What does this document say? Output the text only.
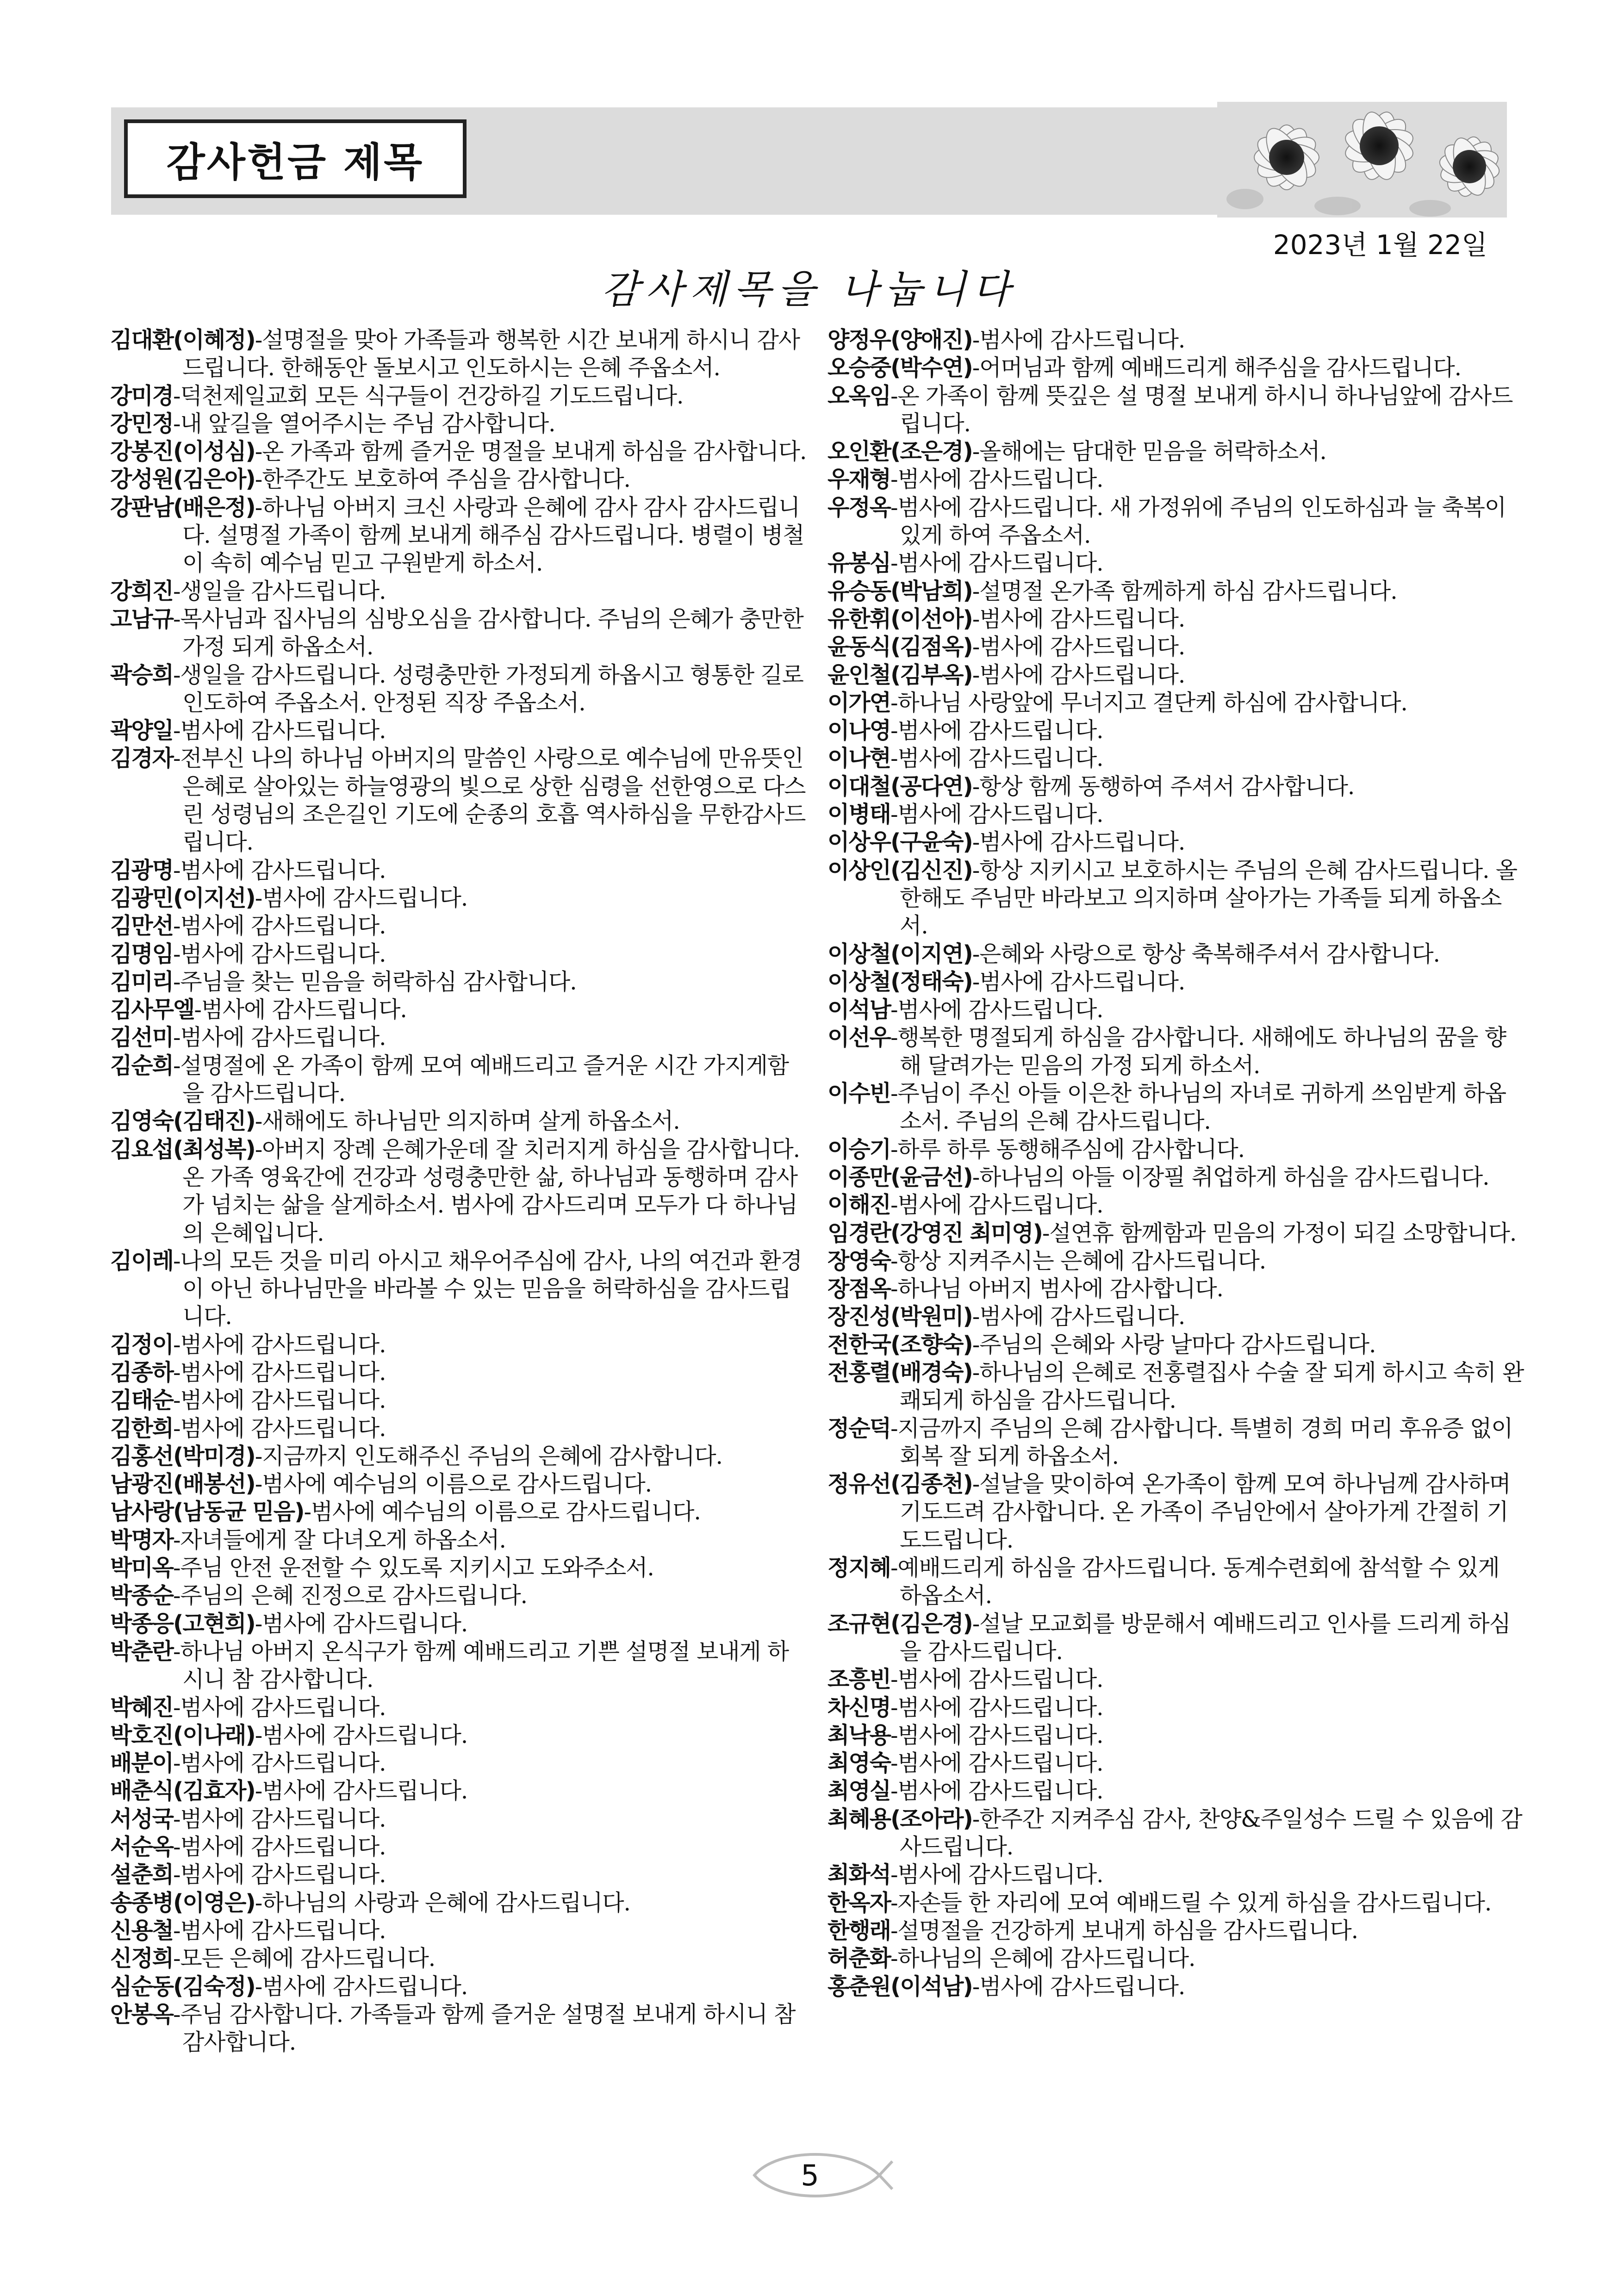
감사헌금 제목
2023년 1월 22일
감사제목을 나눕니다
김대환(이혜정)-설명절을 맞아 가족들과 행복한 시간 보내게 하시니 감사드립니다. 한해동안 돌보시고 인도하시는 은혜 주옵소서.
강미경-덕천제일교회 모든 식구들이 건강하길 기도드립니다.
강민정-내 앞길을 열어주시는 주님 감사합니다.
강봉진(이성심)-온 가족과 함께 즐거운 명절을 보내게 하심을 감사합니다.
강성원(김은아)-한주간도 보호하여 주심을 감사합니다.
강판남(배은정)-하나님 아버지 크신 사랑과 은혜에 감사 감사 감사드립니다. 설명절 가족이 함께 보내게 해주심 감사드립니다. 병렬이 병철이 속히 예수님 믿고 구원받게 하소서.
강희진-생일을 감사드립니다.
고남규-목사님과 집사님의 심방오심을 감사합니다. 주님의 은혜가 충만한 가정 되게 하옵소서.
곽승희-생일을 감사드립니다. 성령충만한 가정되게 하옵시고 형통한 길로 인도하여 주옵소서. 안정된 직장 주옵소서.
곽양일-범사에 감사드립니다.
김경자-전부신 나의 하나님 아버지의 말씀인 사랑으로 예수님에 만유뜻인 은혜로 살아있는 하늘영광의 빛으로 상한 심령을 선한영으로 다스린 성령님의 조은길인 기도에 순종의 호흡 역사하심을 무한감사드립니다.
김광명-범사에 감사드립니다.
김광민(이지선)-범사에 감사드립니다.
김만선-범사에 감사드립니다.
김명임-범사에 감사드립니다.
김미리-주님을 찾는 믿음을 허락하심 감사합니다.
김사무엘-범사에 감사드립니다.
김선미-범사에 감사드립니다.
김순희-설명절에 온 가족이 함께 모여 예배드리고 즐거운 시간 가지게함을 감사드립니다.
김영숙(김태진)-새해에도 하나님만 의지하며 살게 하옵소서.
김요섭(최성복)-아버지 장례 은혜가운데 잘 치러지게 하심을 감사합니다. 온 가족 영육간에 건강과 성령충만한 삶, 하나님과 동행하며 감사가 넘치는 삶을 살게하소서. 범사에 감사드리며 모두가 다 하나님의 은혜입니다.
김이레-나의 모든 것을 미리 아시고 채우어주심에 감사, 나의 여건과 환경이 아닌 하나님만을 바라볼 수 있는 믿음을 허락하심을 감사드립니다.
김정이-범사에 감사드립니다.
김종하-범사에 감사드립니다.
김태순-범사에 감사드립니다.
김한희-범사에 감사드립니다.
김홍선(박미경)-지금까지 인도해주신 주님의 은혜에 감사합니다.
남광진(배봉선)-범사에 예수님의 이름으로 감사드립니다.
남사랑(남동균 믿음)-범사에 예수님의 이름으로 감사드립니다.
박명자-자녀들에게 잘 다녀오게 하옵소서.
박미옥-주님 안전 운전할 수 있도록 지키시고 도와주소서.
박종순-주님의 은혜 진정으로 감사드립니다.
박종응(고현희)-범사에 감사드립니다.
박춘란-하나님 아버지 온식구가 함께 예배드리고 기쁜 설명절 보내게 하시니 참 감사합니다.
박혜진-범사에 감사드립니다.
박호진(이나래)-범사에 감사드립니다.
배분이-범사에 감사드립니다.
배춘식(김효자)-범사에 감사드립니다.
서성국-범사에 감사드립니다.
서순옥-범사에 감사드립니다.
설춘희-범사에 감사드립니다.
송종병(이영은)-하나님의 사랑과 은혜에 감사드립니다.
신용철-범사에 감사드립니다.
신정희-모든 은혜에 감사드립니다.
심순동(김숙정)-범사에 감사드립니다.
안봉옥-주님 감사합니다. 가족들과 함께 즐거운 설명절 보내게 하시니 참 감사합니다.
양정우(양애진)-범사에 감사드립니다.
오승중(박수연)-어머님과 함께 예배드리게 해주심을 감사드립니다.
오옥임-온 가족이 함께 뜻깊은 설 명절 보내게 하시니 하나님앞에 감사드립니다.
오인환(조은경)-올해에는 담대한 믿음을 허락하소서.
우재형-범사에 감사드립니다.
우정옥-범사에 감사드립니다. 새 가정위에 주님의 인도하심과 늘 축복이 있게 하여 주옵소서.
유봉심-범사에 감사드립니다.
유승동(박남희)-설명절 온가족 함께하게 하심 감사드립니다.
유한휘(이선아)-범사에 감사드립니다.
윤동식(김점옥)-범사에 감사드립니다.
윤인철(김부옥)-범사에 감사드립니다.
이가연-하나님 사랑앞에 무너지고 결단케 하심에 감사합니다.
이나영-범사에 감사드립니다.
이나현-범사에 감사드립니다.
이대철(공다연)-항상 함께 동행하여 주셔서 감사합니다.
이병태-범사에 감사드립니다.
이상우(구윤숙)-범사에 감사드립니다.
이상인(김신진)-항상 지키시고 보호하시는 주님의 은혜 감사드립니다. 올 한해도 주님만 바라보고 의지하며 살아가는 가족들 되게 하옵소서.
이상철(이지연)-은혜와 사랑으로 항상 축복해주셔서 감사합니다.
이상철(정태숙)-범사에 감사드립니다.
이석남-범사에 감사드립니다.
이선우-행복한 명절되게 하심을 감사합니다. 새해에도 하나님의 꿈을 향해 달려가는 믿음의 가정 되게 하소서.
이수빈-주님이 주신 아들 이은찬 하나님의 자녀로 귀하게 쓰임받게 하옵소서. 주님의 은혜 감사드립니다.
이승기-하루 하루 동행해주심에 감사합니다.
이종만(윤금선)-하나님의 아들 이장필 취업하게 하심을 감사드립니다.
이해진-범사에 감사드립니다.
임경란(강영진 최미영)-설연휴 함께함과 믿음의 가정이 되길 소망합니다.
장영숙-항상 지켜주시는 은혜에 감사드립니다.
장점옥-하나님 아버지 범사에 감사합니다.
장진성(박원미)-범사에 감사드립니다.
전한국(조향숙)-주님의 은혜와 사랑 날마다 감사드립니다.
전홍렬(배경숙)-하나님의 은혜로 전홍렬집사 수술 잘 되게 하시고 속히 완쾌되게 하심을 감사드립니다.
정순덕-지금까지 주님의 은혜 감사합니다. 특별히 경희 머리 후유증 없이 회복 잘 되게 하옵소서.
정유선(김종천)-설날을 맞이하여 온가족이 함께 모여 하나님께 감사하며 기도드려 감사합니다. 온 가족이 주님안에서 살아가게 간절히 기도드립니다.
정지혜-예배드리게 하심을 감사드립니다. 동계수련회에 참석할 수 있게 하옵소서.
조규현(김은경)-설날 모교회를 방문해서 예배드리고 인사를 드리게 하심을 감사드립니다.
조흥빈-범사에 감사드립니다.
차신명-범사에 감사드립니다.
최낙용-범사에 감사드립니다.
최영숙-범사에 감사드립니다.
최영실-범사에 감사드립니다.
최혜용(조아라)-한주간 지켜주심 감사, 찬양&주일성수 드릴 수 있음에 감사드립니다.
최화석-범사에 감사드립니다.
한옥자-자손들 한 자리에 모여 예배드릴 수 있게 하심을 감사드립니다.
한행래-설명절을 건강하게 보내게 하심을 감사드립니다.
허춘화-하나님의 은혜에 감사드립니다.
홍춘원(이석남)-범사에 감사드립니다.
5
